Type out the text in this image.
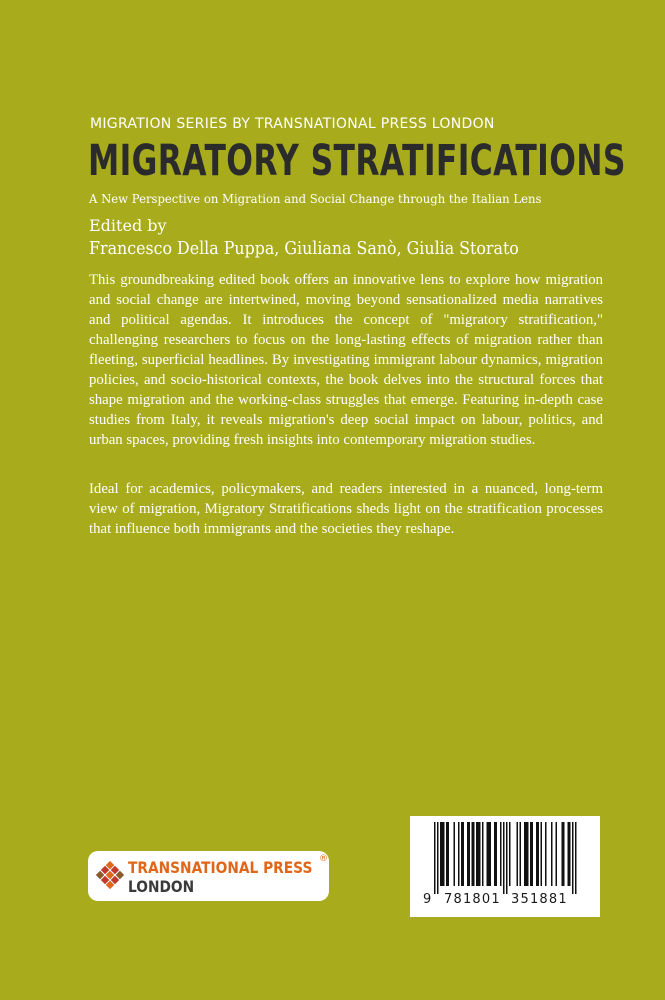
MIGRATION SERIES BY TRANSNATIONAL PRESS LONDON
MIGRATORY STRATIFICATIONS
A New Perspective on Migration and Social Change through the Italian Lens
Edited by
Francesco Della Puppa, Giuliana Sanò, Giulia Storato

This groundbreaking edited book offers an innovative lens to explore how migration and social change are intertwined, moving beyond sensationalized media narratives and political agendas. It introduces the concept of "migratory stratification," challenging researchers to focus on the long-lasting effects of migration rather than fleeting, superficial headlines. By investigating immigrant labour dynamics, migration policies, and socio-historical contexts, the book delves into the structural forces that shape migration and the working-class struggles that emerge. Featuring in-depth case studies from Italy, it reveals migration's deep social impact on labour, politics, and urban spaces, providing fresh insights into contemporary migration studies.

Ideal for academics, policymakers, and readers interested in a nuanced, long-term view of migration, Migratory Stratifications sheds light on the stratification processes that influence both immigrants and the societies they reshape.

TRANSNATIONAL PRESS ®
LONDON
9 781801 351881
